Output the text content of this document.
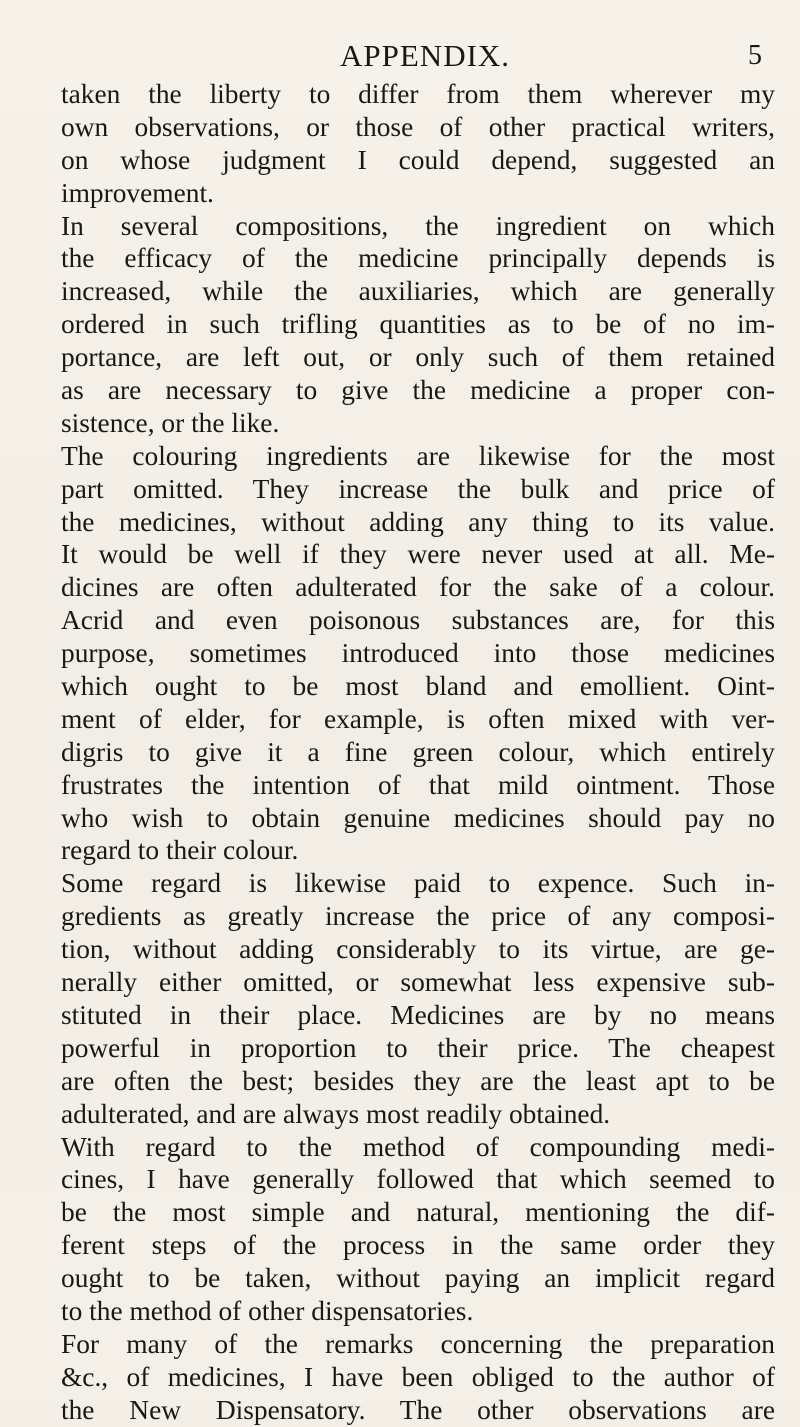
APPENDIX.	5
taken the liberty to differ from them wherever my
own observations, or those of other practical writers,
on whose judgment I could depend, suggested an
improvement.
In several compositions, the ingredient on which
the efficacy of the medicine principally depends is
increased, while the auxiliaries, which are generally
ordered in such trifling quantities as to be of no im-
portance, are left out, or only such of them retained
as are necessary to give the medicine a proper con-
sistence, or the like.
The colouring ingredients are likewise for the most
part omitted. They increase the bulk and price of
the medicines, without adding any thing to its value.
It would be well if they were never used at all. Me-
dicines are often adulterated for the sake of a colour.
Acrid and even poisonous substances are, for this
purpose, sometimes introduced into those medicines
which ought to be most bland and emollient. Oint-
ment of elder, for example, is often mixed with ver-
digris to give it a fine green colour, which entirely
frustrates the intention of that mild ointment. Those
who wish to obtain genuine medicines should pay no
regard to their colour.
Some regard is likewise paid to expence. Such in-
gredients as greatly increase the price of any composi-
tion, without adding considerably to its virtue, are ge-
nerally either omitted, or somewhat less expensive sub-
stituted in their place. Medicines are by no means
powerful in proportion to their price. The cheapest
are often the best; besides they are the least apt to be
adulterated, and are always most readily obtained.
With regard to the method of compounding medi-
cines, I have generally followed that which seemed to
be the most simple and natural, mentioning the dif-
ferent steps of the process in the same order they
ought to be taken, without paying an implicit regard
to the method of other dispensatories.
For many of the remarks concerning the preparation
&c., of medicines, I have been obliged to the author of
the New Dispensatory. The other observations are
